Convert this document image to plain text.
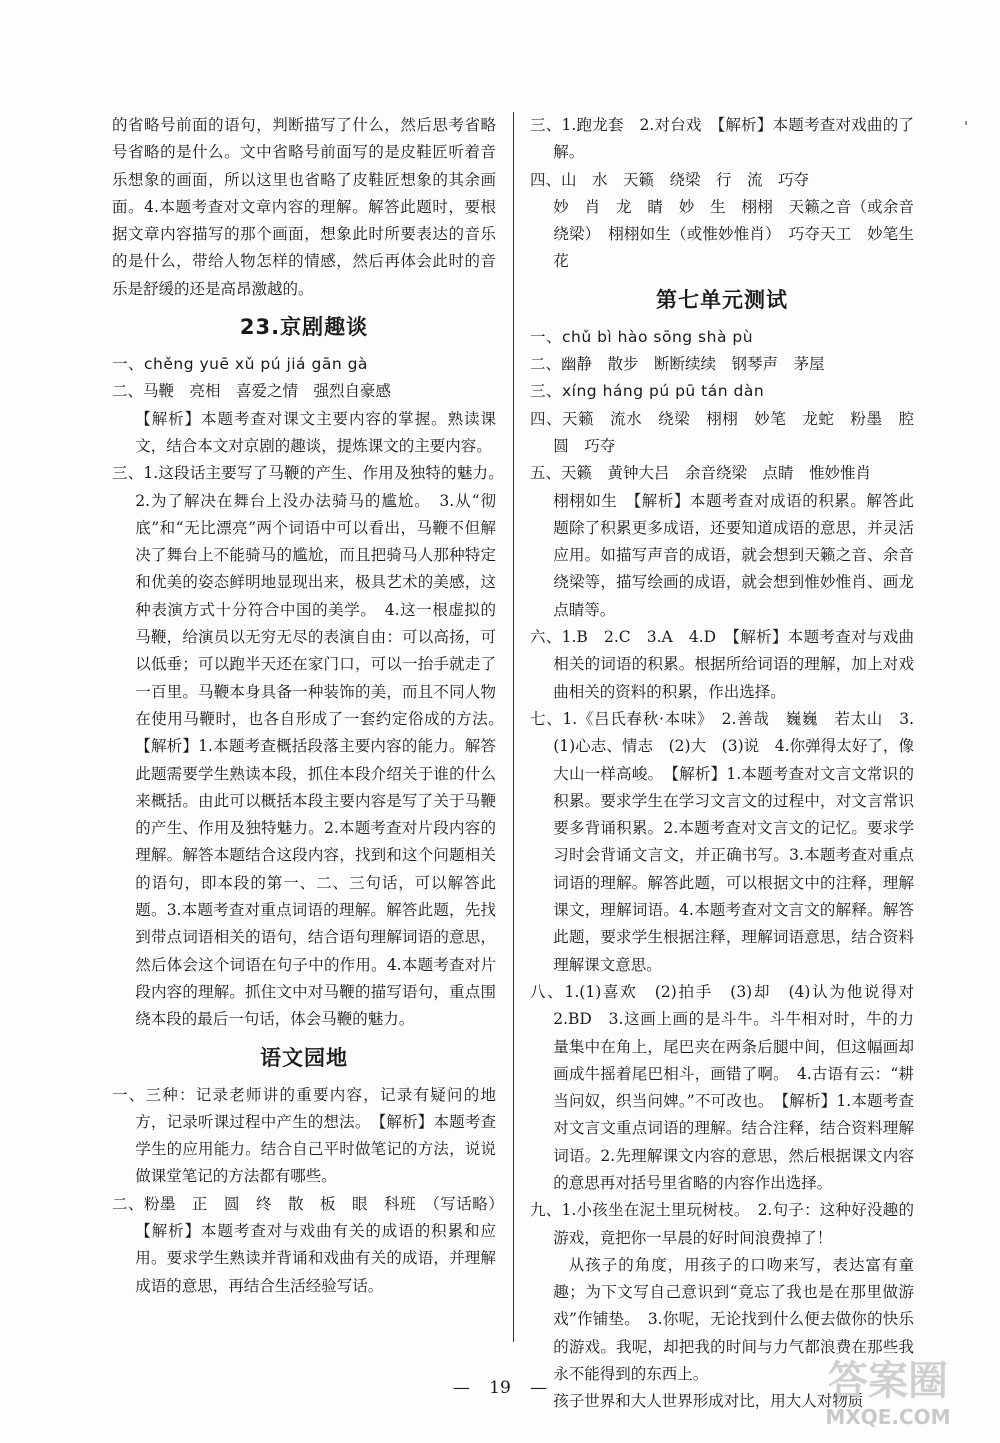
'

的省略号前面的语句，判断描写了什么，然后思考省略号省略的是什么。文中省略号前面写的是皮鞋匠听着音乐想象的画面，所以这里也省略了皮鞋匠想象的其余画面。4.本题考查对文章内容的理解。解答此题时，要根据文章内容描写的那个画面，想象此时所要表达的音乐的是什么，带给人物怎样的情感，然后再体会此时的音乐是舒缓的还是高昂激越的。

23.京剧趣谈

一、chěng yuē xǔ pú jiá gān gà

二、马鞭　亮相　喜爱之情　强烈自豪感

【解析】本题考查对课文主要内容的掌握。熟读课文，结合本文对京剧的趣谈，提炼课文的主要内容。

三、1.这段话主要写了马鞭的产生、作用及独特的魅力。　2.为了解决在舞台上没办法骑马的尴尬。　3.从“彻底”和“无比漂亮”两个词语中可以看出，马鞭不但解决了舞台上不能骑马的尴尬，而且把骑马人那种特定和优美的姿态鲜明地显现出来，极具艺术的美感，这种表演方式十分符合中国的美学。　4.这一根虚拟的马鞭，给演员以无穷无尽的表演自由：可以高扬，可以低垂；可以跑半天还在家门口，可以一抬手就走了一百里。马鞭本身具备一种装饰的美，而且不同人物在使用马鞭时，也各自形成了一套约定俗成的方法。　【解析】1.本题考查概括段落主要内容的能力。解答此题需要学生熟读本段，抓住本段介绍关于谁的什么来概括。由此可以概括本段主要内容是写了关于马鞭的产生、作用及独特魅力。2.本题考查对片段内容的理解。解答本题结合这段内容，找到和这个问题相关的语句，即本段的第一、二、三句话，可以解答此题。3.本题考查对重点词语的理解。解答此题，先找到带点词语相关的语句，结合语句理解词语的意思，然后体会这个词语在句子中的作用。4.本题考查对片段内容的理解。抓住文中对马鞭的描写语句，重点围绕本段的最后一句话，体会马鞭的魅力。

语文园地

一、三种：记录老师讲的重要内容，记录有疑问的地方，记录听课过程中产生的想法。　【解析】本题考查学生的应用能力。结合自己平时做笔记的方法，说说做课堂笔记的方法都有哪些。

二、粉墨　正　圆　终　散　板　眼　科班　（写话略）　【解析】本题考查对与戏曲有关的成语的积累和应用。要求学生熟读并背诵和戏曲有关的成语，并理解成语的意思，再结合生活经验写话。

三、1.跑龙套　2.对台戏　【解析】本题考查对戏曲的了解。

四、山　水　天籁　绕梁　行　流　巧夺

妙　肖　龙　睛　妙　生　栩栩　天籁之音（或余音绕梁）　栩栩如生（或惟妙惟肖）　巧夺天工　妙笔生花

第七单元测试

一、chǔ bì hào sōng shà pù

二、幽静　散步　断断续续　钢琴声　茅屋

三、xíng háng pú pū tán dàn

四、天籁　流水　绕梁　栩栩　妙笔　龙蛇　粉墨　腔圆　巧夺

五、天籁　黄钟大吕　余音绕梁　点睛　惟妙惟肖

栩栩如生　【解析】本题考查对成语的积累。解答此题除了积累更多成语，还要知道成语的意思，并灵活应用。如描写声音的成语，就会想到天籁之音、余音绕梁等，描写绘画的成语，就会想到惟妙惟肖、画龙点睛等。

六、1.B　2.C　3.A　4.D　【解析】本题考查对与戏曲相关的词语的积累。根据所给词语的理解，加上对戏曲相关的资料的积累，作出选择。

七、1.《吕氏春秋·本味》　2.善哉　巍巍　若太山　3.(1)心志、情志　(2)大　(3)说　4.你弹得太好了，像大山一样高峻。　【解析】1.本题考查对文言文常识的积累。要求学生在学习文言文的过程中，对文言常识要多背诵积累。2.本题考查对文言文的记忆。要求学习时会背诵文言文，并正确书写。3.本题考查对重点词语的理解。解答此题，可以根据文中的注释，理解课文，理解词语。4.本题考查对文言文的解释。解答此题，要求学生根据注释，理解词语意思，结合资料理解课文意思。

八、1.(1)喜欢　(2)拍手　(3)却　(4)认为他说得对　2.BD　3.这画上画的是斗牛。斗牛相对时，牛的力量集中在角上，尾巴夹在两条后腿中间，但这幅画却画成牛摇着尾巴相斗，画错了啊。　4.古语有云：“耕当问奴，织当问婢。”不可改也。　【解析】1.本题考查对文言文重点词语的理解。结合注释，结合资料理解词语。2.先理解课文内容的意思，然后根据课文内容的意思再对括号里省略的内容作出选择。

九、1.小孩坐在泥土里玩树枝。　2.句子：这种好没趣的游戏，竟把你一早晨的好时间浪费掉了！

从孩子的角度，用孩子的口吻来写，表达富有童趣；为下文写自己意识到“竟忘了我也是在那里做游戏”作铺垫。　3.你呢，无论找到什么便去做你的快乐的游戏。我呢，却把我的时间与力气都浪费在那些我永不能得到的东西上。

孩子世界和大人世界形成对比，用大人对物质

— 19 —	答案圈
MXQE.COM
